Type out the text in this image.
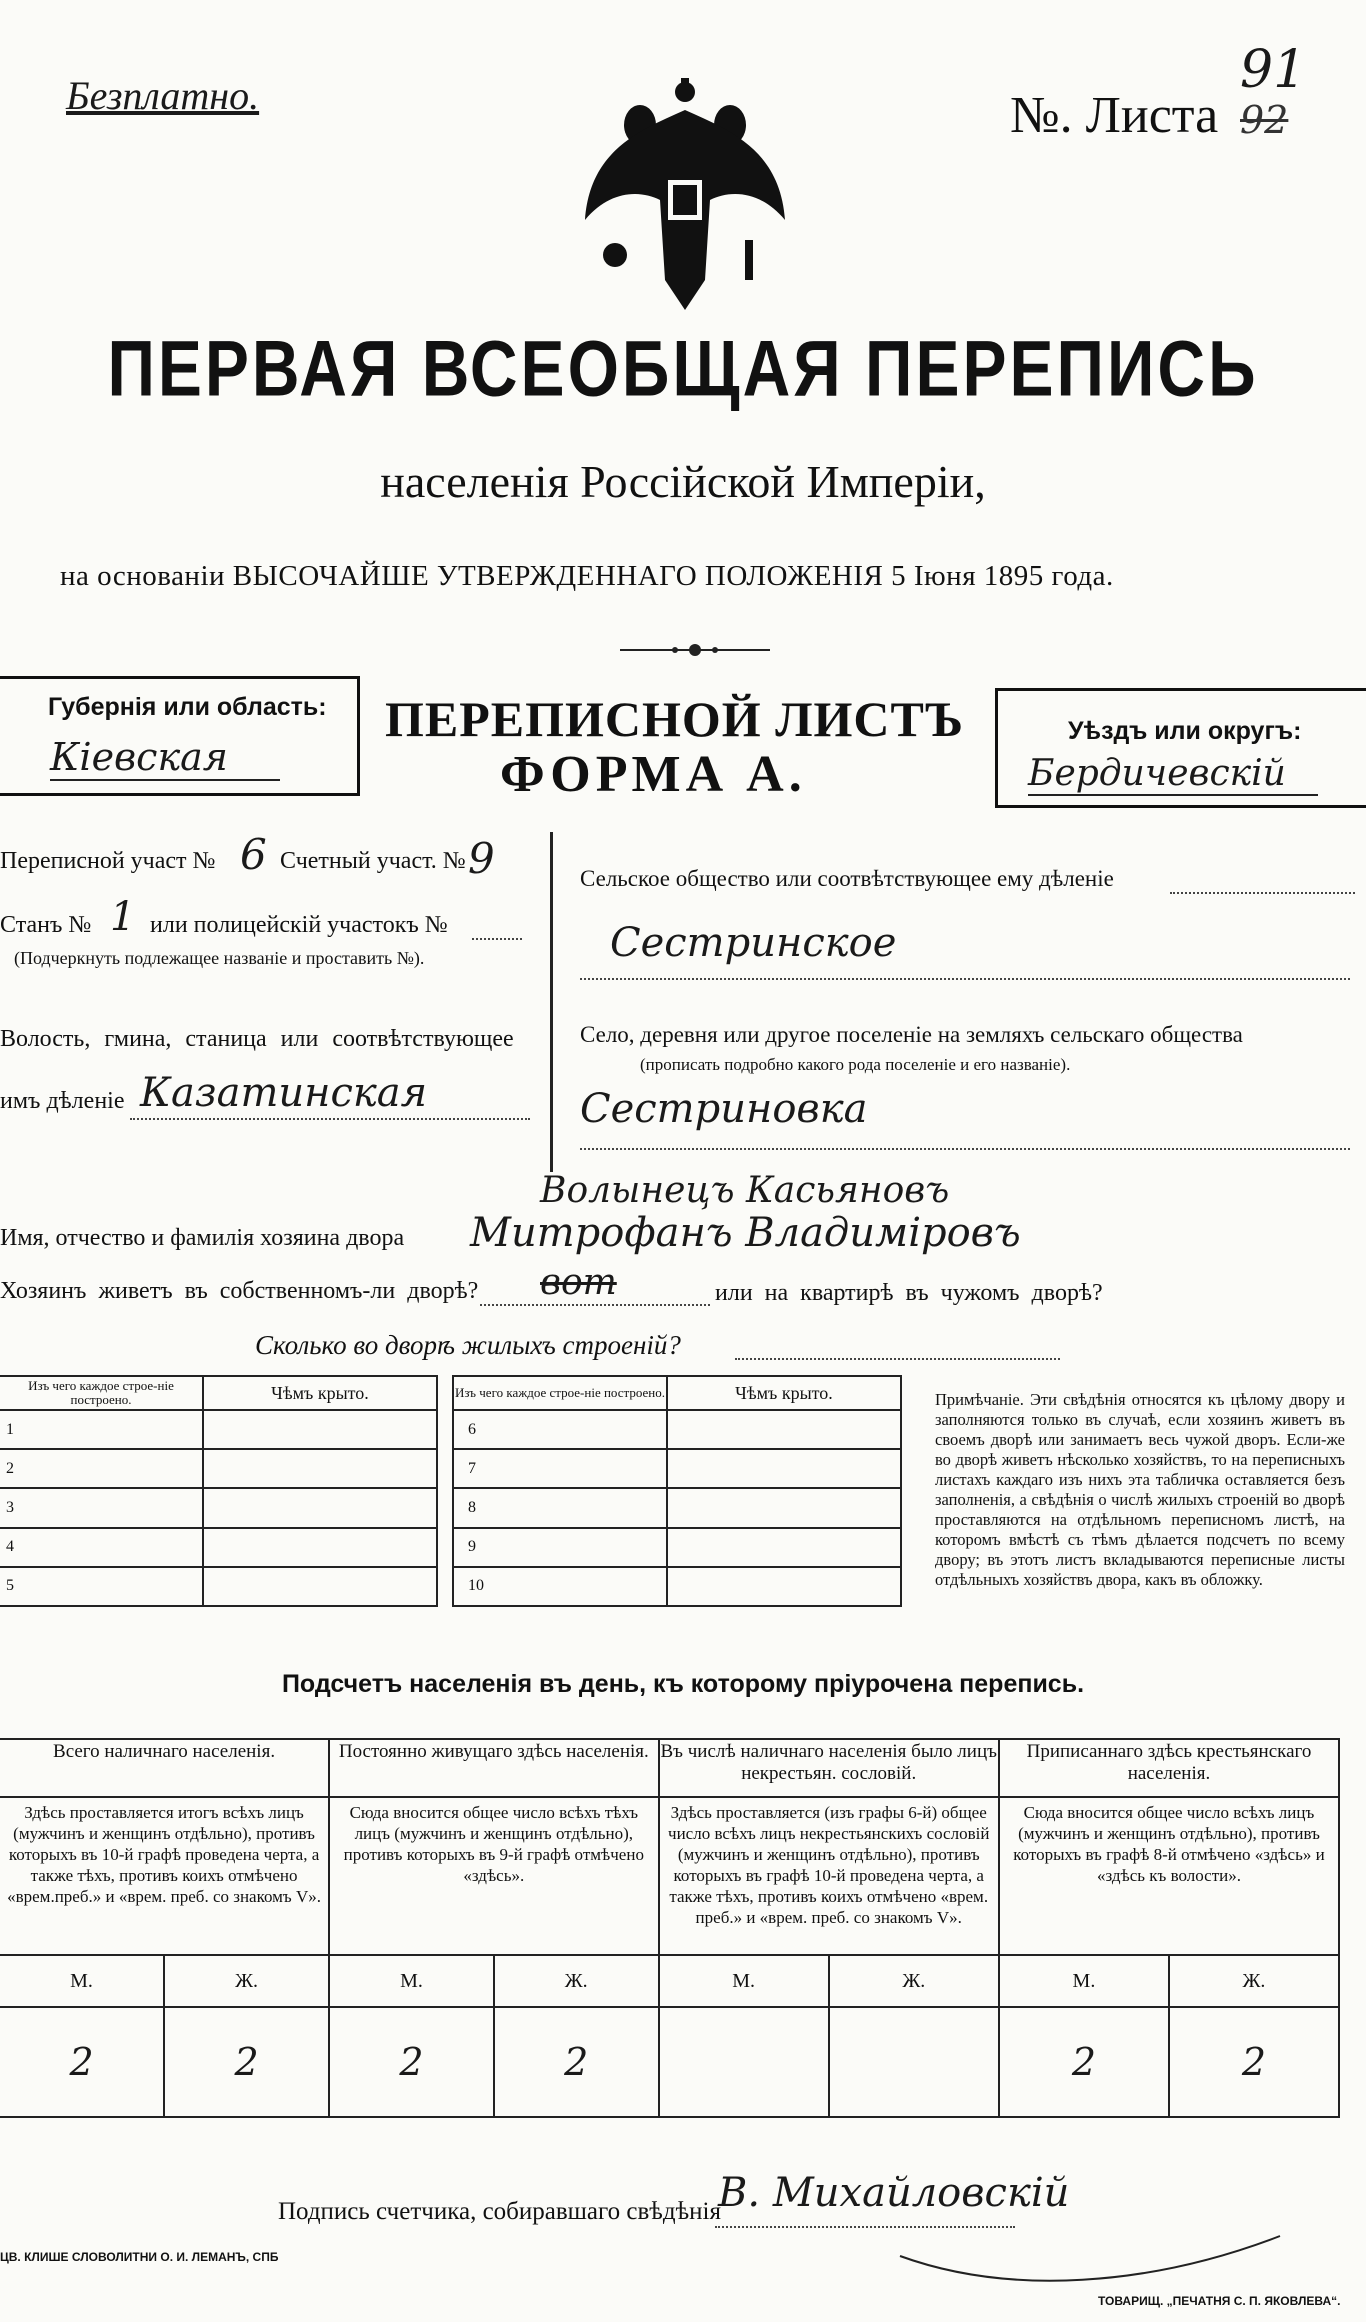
Безплатно.	№. Листа
91
92
ПЕРВАЯ ВСЕОБЩАЯ ПЕРЕПИСЬ
населенія Россійской Имперіи,
на основаніи ВЫСОЧАЙШЕ УТВЕРЖДЕННАГО ПОЛОЖЕНІЯ 5 Іюня 1895 года.
Губернія или область:
Кіевская
ПЕРЕПИСНОЙ ЛИСТЪ
ФОРМА А.
Уѣздъ или округъ:
Бердичевскій
Переписной участ № 6 Счетный участ. № 9
Станъ № 1 или полицейскій участокъ №
(Подчеркнуть подлежащее названіе и проставить №).
Волость, гмина, станица или соотвѣтствующее
имъ дѣленіе Казатинская
Сельское общество или соотвѣтствующее ему дѣленіе
Сестринское
Село, деревня или другое поселеніе на земляхъ сельскаго общества
(прописать подробно какого рода поселеніе и его названіе).
Сестриновка
Волынецъ Касьяновъ
Имя, отчество и фамилія хозяина двора Митрофанъ Владиміровъ
Хозяинъ живетъ въ собственномъ-ли дворѣ? вот	или на квартирѣ въ чужомъ дворѣ?
Сколько во дворѣ жилыхъ строеній?
Изъ чего каждое строе-ніе построено.	Чѣмъ крыто.		Изъ чего каждое строе-ніе построено.	Чѣмъ крыто.
1			6	
2			7	
3			8	
4			9	
5			10	
Примѣчаніе. Эти свѣдѣнія относятся къ цѣлому двору и заполняются только въ случаѣ, если хозяинъ живетъ въ своемъ дворѣ или занимаетъ весь чужой дворъ. Если-же во дворѣ живетъ нѣсколько хозяйствъ, то на переписныхъ листахъ каждаго изъ нихъ эта табличка оставляется безъ заполненія, а свѣдѣнія о числѣ жилыхъ строеній во дворѣ проставляются на отдѣльномъ переписномъ листѣ, на которомъ вмѣстѣ съ тѣмъ дѣлается подсчетъ по всему двору; въ этотъ листъ вкладываются переписные листы отдѣльныхъ хозяйствъ двора, какъ въ обложку.
Подсчетъ населенія въ день, къ которому пріурочена перепись.
Всего наличнаго населенія.		Постоянно живущаго здѣсь населенія.		Въ числѣ наличнаго населенія было лицъ некрестьян. сословій.		Приписаннаго здѣсь крестьянскаго населенія.	
Здѣсь проставляется итогъ всѣхъ лицъ (мужчинъ и женщинъ отдѣльно), противъ которыхъ въ 10-й графѣ проведена черта, а также тѣхъ, противъ коихъ отмѣчено «врем.преб.» и «врем. преб. со знакомъ V».		Сюда вносится общее число всѣхъ тѣхъ лицъ (мужчинъ и женщинъ отдѣльно), противъ которыхъ въ 9-й графѣ отмѣчено «здѣсь».		Здѣсь проставляется (изъ графы 6-й) общее число всѣхъ лицъ некрестьянскихъ сословій (мужчинъ и женщинъ отдѣльно), противъ которыхъ въ графѣ 10-й проведена черта, а также тѣхъ, противъ коихъ отмѣчено «врем. преб.» и «врем. преб. со знакомъ V».		Сюда вносится общее число всѣхъ лицъ (мужчинъ и женщинъ отдѣльно), противъ которыхъ въ графѣ 8-й отмѣчено «здѣсь» и «здѣсь къ волости».	
М.	Ж.	М.	Ж.	М.	Ж.	М.	Ж.
2	2	2	2			2	2
Подпись счетчика, собиравшаго свѣдѣнія
В. Михайловскій
ЦВ. КЛИШЕ СЛОВОЛИТНИ О. И. ЛЕМАНЪ, СПБ
ТОВАРИЩ. „ПЕЧАТНЯ С. П. ЯКОВЛЕВА“.
